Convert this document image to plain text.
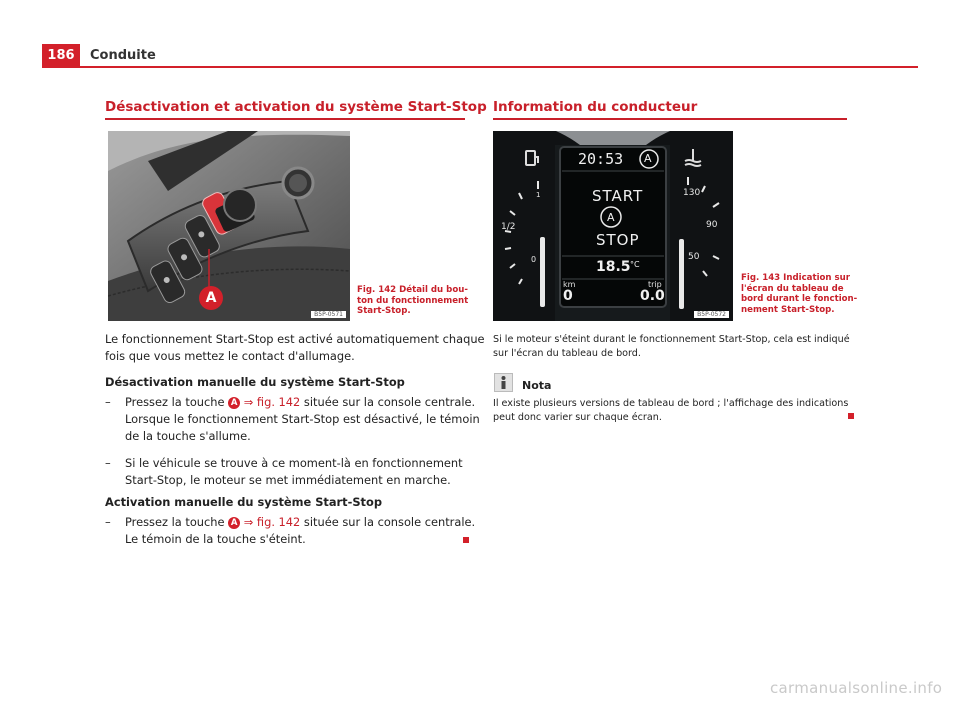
186	Conduite
Désactivation et activation du système Start-Stop
A
B5P-0571
Fig. 142 Détail du bou-
ton du fonctionnement
Start-Stop.
Le fonctionnement Start-Stop est activé automatiquement chaque
fois que vous mettez le contact d'allumage.
Désactivation manuelle du système Start-Stop
– Pressez la touche A ⇒ fig. 142 située sur la console centrale.
Lorsque le fonctionnement Start-Stop est désactivé, le témoin
de la touche s'allume.
– Si le véhicule se trouve à ce moment-là en fonctionnement
Start-Stop, le moteur se met immédiatement en marche.
Activation manuelle du système Start-Stop
– Pressez la touche A ⇒ fig. 142 située sur la console centrale.
Le témoin de la touche s'éteint.
Information du conducteur
20:53 A
START
A
STOP
18.5 °C
km
0
trip
0.0
1/2
1
0
130
90
50
B5P-0572
Fig. 143 Indication sur
l'écran du tableau de
bord durant le fonction-
nement Start-Stop.
Si le moteur s'éteint durant le fonctionnement Start-Stop, cela est indiqué
sur l'écran du tableau de bord.
Nota
Il existe plusieurs versions de tableau de bord ; l'affichage des indications
peut donc varier sur chaque écran.
carmanualsonline.info
